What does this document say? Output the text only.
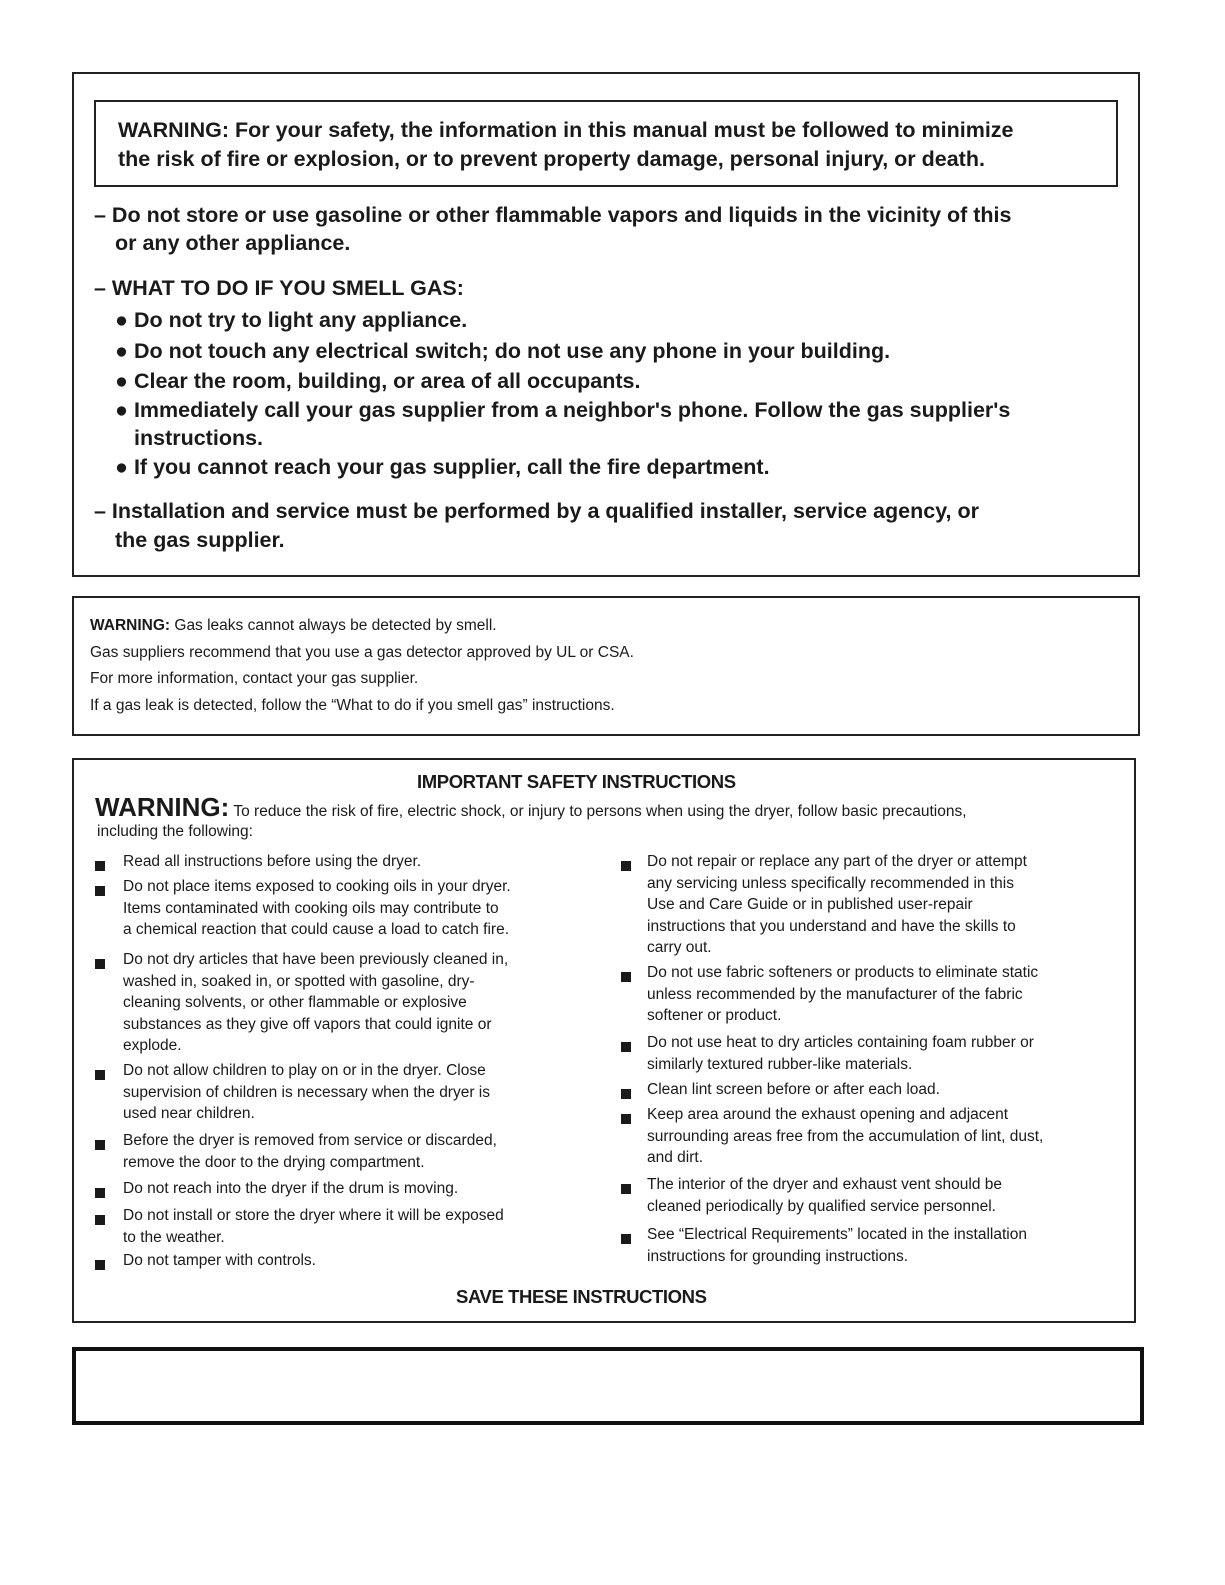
WARNING: For your safety, the information in this manual must be followed to minimize
the risk of fire or explosion, or to prevent property damage, personal injury, or death.
– Do not store or use gasoline or other flammable vapors and liquids in the vicinity of this
or any other appliance.
– WHAT TO DO IF YOU SMELL GAS:
● Do not try to light any appliance.
● Do not touch any electrical switch; do not use any phone in your building.
● Clear the room, building, or area of all occupants.
● Immediately call your gas supplier from a neighbor's phone. Follow the gas supplier's
instructions.
● If you cannot reach your gas supplier, call the fire department.
– Installation and service must be performed by a qualified installer, service agency, or
the gas supplier.
WARNING: Gas leaks cannot always be detected by smell.
Gas suppliers recommend that you use a gas detector approved by UL or CSA.
For more information, contact your gas supplier.
If a gas leak is detected, follow the “What to do if you smell gas” instructions.
IMPORTANT SAFETY INSTRUCTIONS
WARNING: To reduce the risk of fire, electric shock, or injury to persons when using the dryer, follow basic precautions,
including the following:
Read all instructions before using the dryer.
Do not place items exposed to cooking oils in your dryer.
Items contaminated with cooking oils may contribute to
a chemical reaction that could cause a load to catch fire.
Do not dry articles that have been previously cleaned in,
washed in, soaked in, or spotted with gasoline, dry-
cleaning solvents, or other flammable or explosive
substances as they give off vapors that could ignite or
explode.
Do not allow children to play on or in the dryer. Close
supervision of children is necessary when the dryer is
used near children.
Before the dryer is removed from service or discarded,
remove the door to the drying compartment.
Do not reach into the dryer if the drum is moving.
Do not install or store the dryer where it will be exposed
to the weather.
Do not tamper with controls.
Do not repair or replace any part of the dryer or attempt
any servicing unless specifically recommended in this
Use and Care Guide or in published user-repair
instructions that you understand and have the skills to
carry out.
Do not use fabric softeners or products to eliminate static
unless recommended by the manufacturer of the fabric
softener or product.
Do not use heat to dry articles containing foam rubber or
similarly textured rubber-like materials.
Clean lint screen before or after each load.
Keep area around the exhaust opening and adjacent
surrounding areas free from the accumulation of lint, dust,
and dirt.
The interior of the dryer and exhaust vent should be
cleaned periodically by qualified service personnel.
See “Electrical Requirements” located in the installation
instructions for grounding instructions.
SAVE THESE INSTRUCTIONS
